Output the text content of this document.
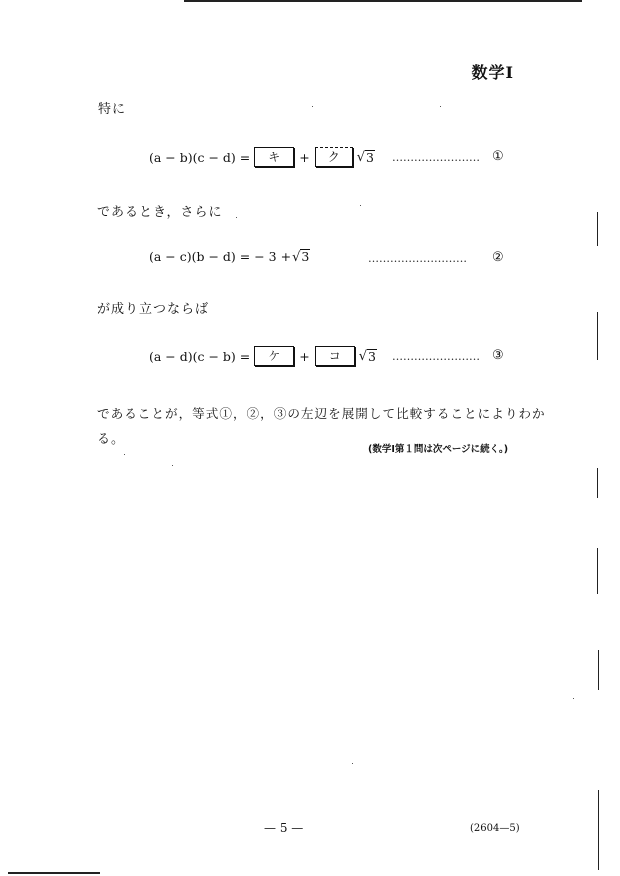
数学Ⅰ
特に
(a − b)(c − d) =	キ	+	ク	√ 3 …………………… ①
であるとき，さらに
(a − c)(b − d) = − 3 + √ 3	……………………… ②
が成り立つならば
(a − d)(c − b) =	ケ	+	コ	√ 3 …………………… ③
であることが，等式①，②，③の左辺を展開して比較することによりわか
る。
(数学Ⅰ第１問は次ページに続く。)
— 5 —	(2604—5)
